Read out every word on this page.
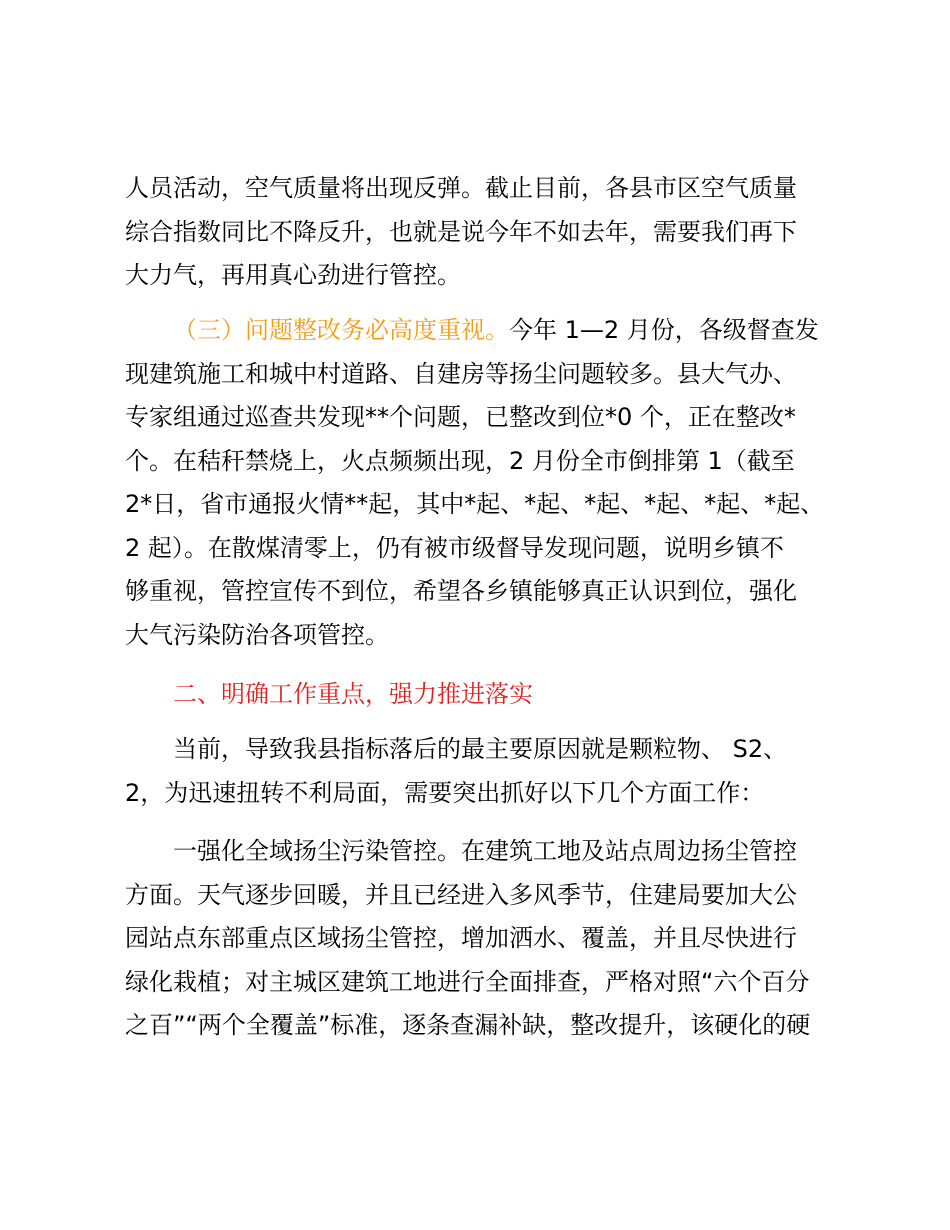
人员活动，空气质量将出现反弹。截止目前，各县市区空气质量
综合指数同比不降反升，也就是说今年不如去年，需要我们再下
大力气，再用真心劲进行管控。
（三）问题整改务必高度重视。今年 1—2 月份，各级督查发
现建筑施工和城中村道路、自建房等扬尘问题较多。县大气办、
专家组通过巡查共发现**个问题，已整改到位*0 个，正在整改*
个。在秸秆禁烧上，火点频频出现，2 月份全市倒排第 1（截至
2*日，省市通报火情**起，其中*起、*起、*起、*起、*起、*起、
2 起）。在散煤清零上，仍有被市级督导发现问题，说明乡镇不
够重视，管控宣传不到位，希望各乡镇能够真正认识到位，强化
大气污染防治各项管控。
二、明确工作重点，强力推进落实
当前，导致我县指标落后的最主要原因就是颗粒物、 S2、
2，为迅速扭转不利局面，需要突出抓好以下几个方面工作：
一强化全域扬尘污染管控。在建筑工地及站点周边扬尘管控
方面。天气逐步回暖，并且已经进入多风季节，住建局要加大公
园站点东部重点区域扬尘管控，增加洒水、覆盖，并且尽快进行
绿化栽植；对主城区建筑工地进行全面排查，严格对照“六个百分
之百”“两个全覆盖”标准，逐条查漏补缺，整改提升，该硬化的硬
